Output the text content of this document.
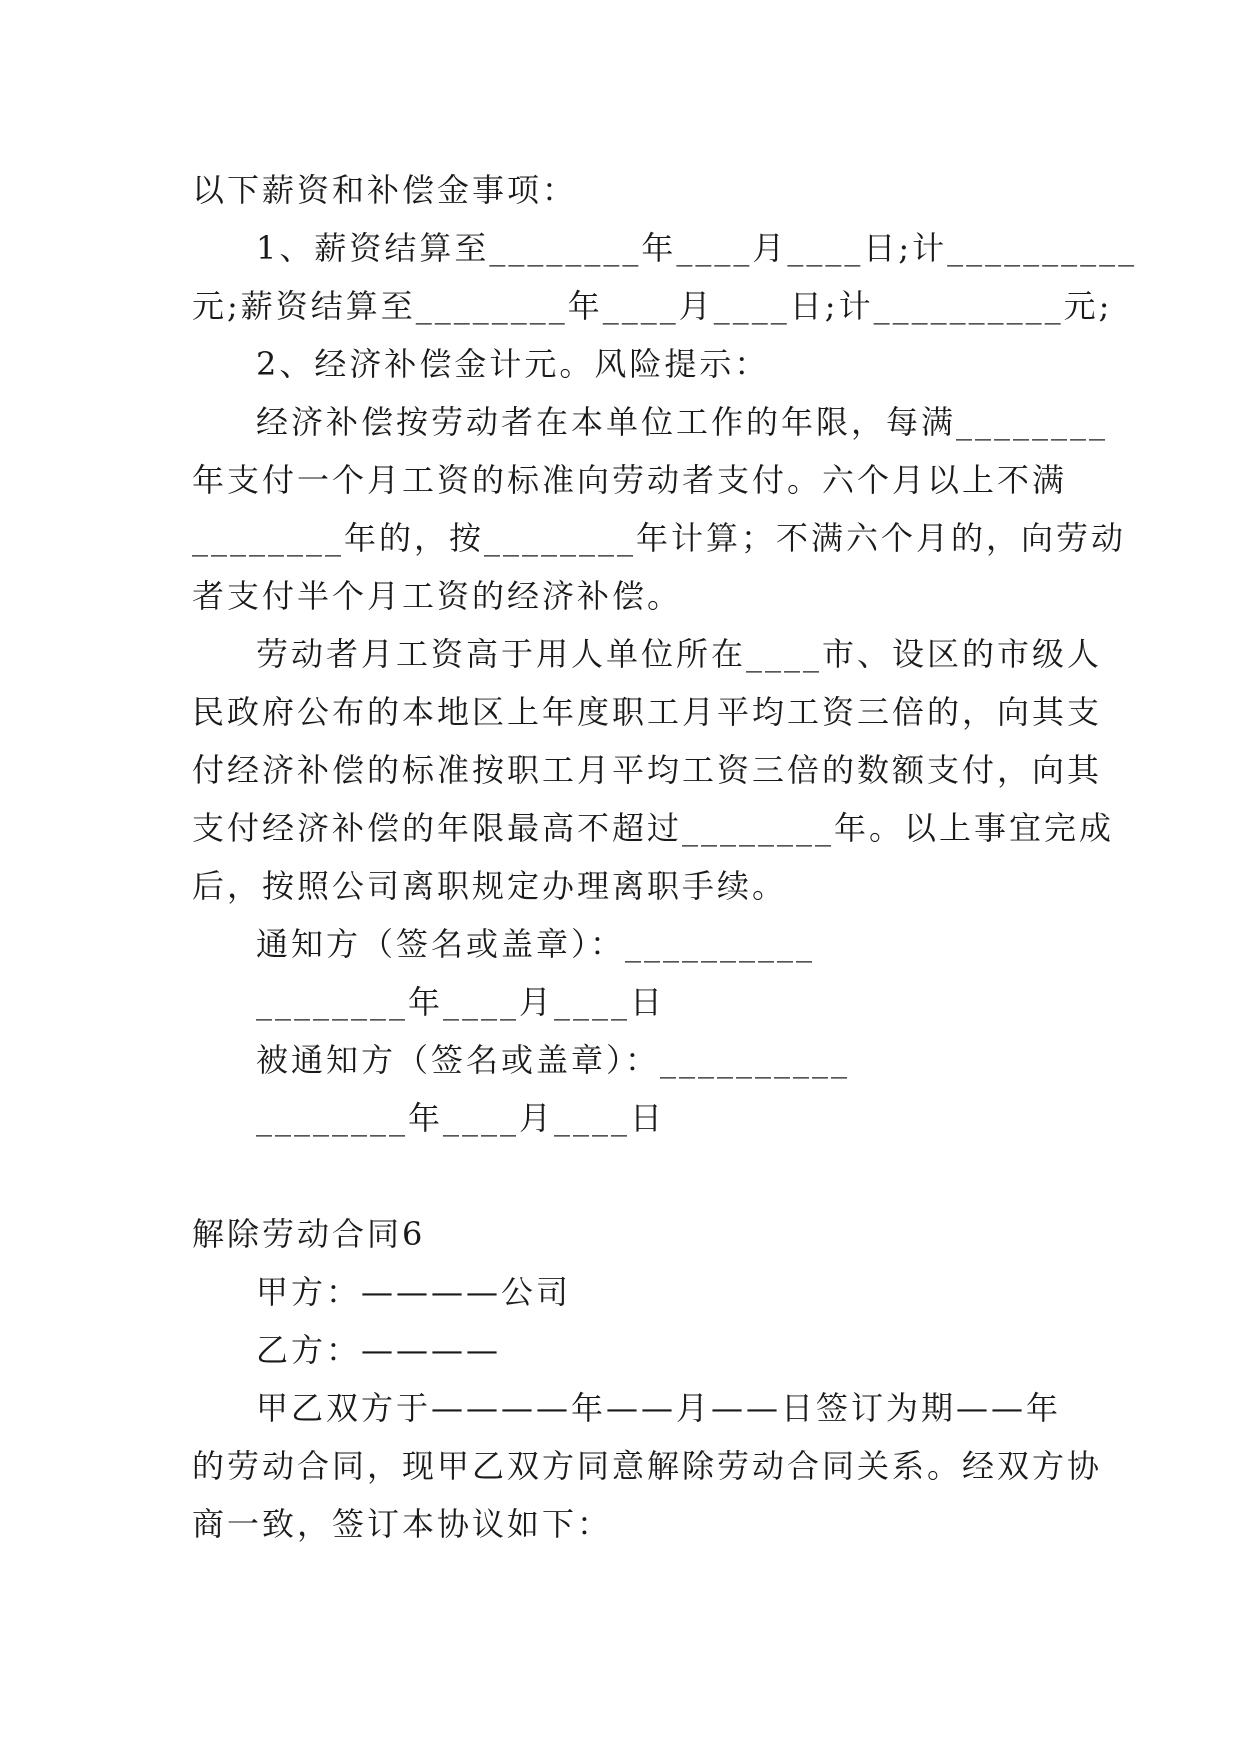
以下薪资和补偿金事项：
1、薪资结算至________年____月____日;计__________
元;薪资结算至________年____月____日;计__________元;
2、经济补偿金计元。风险提示：
经济补偿按劳动者在本单位工作的年限，每满________
年支付一个月工资的标准向劳动者支付。六个月以上不满
________年的，按________年计算；不满六个月的，向劳动
者支付半个月工资的经济补偿。
劳动者月工资高于用人单位所在____市、设区的市级人
民政府公布的本地区上年度职工月平均工资三倍的，向其支
付经济补偿的标准按职工月平均工资三倍的数额支付，向其
支付经济补偿的年限最高不超过________年。以上事宜完成
后，按照公司离职规定办理离职手续。
通知方（签名或盖章）：__________
________年____月____日
被通知方（签名或盖章）：__________
________年____月____日
解除劳动合同6
甲方：————公司
乙方：————
甲乙双方于————年——月——日签订为期——年
的劳动合同，现甲乙双方同意解除劳动合同关系。经双方协
商一致，签订本协议如下：
